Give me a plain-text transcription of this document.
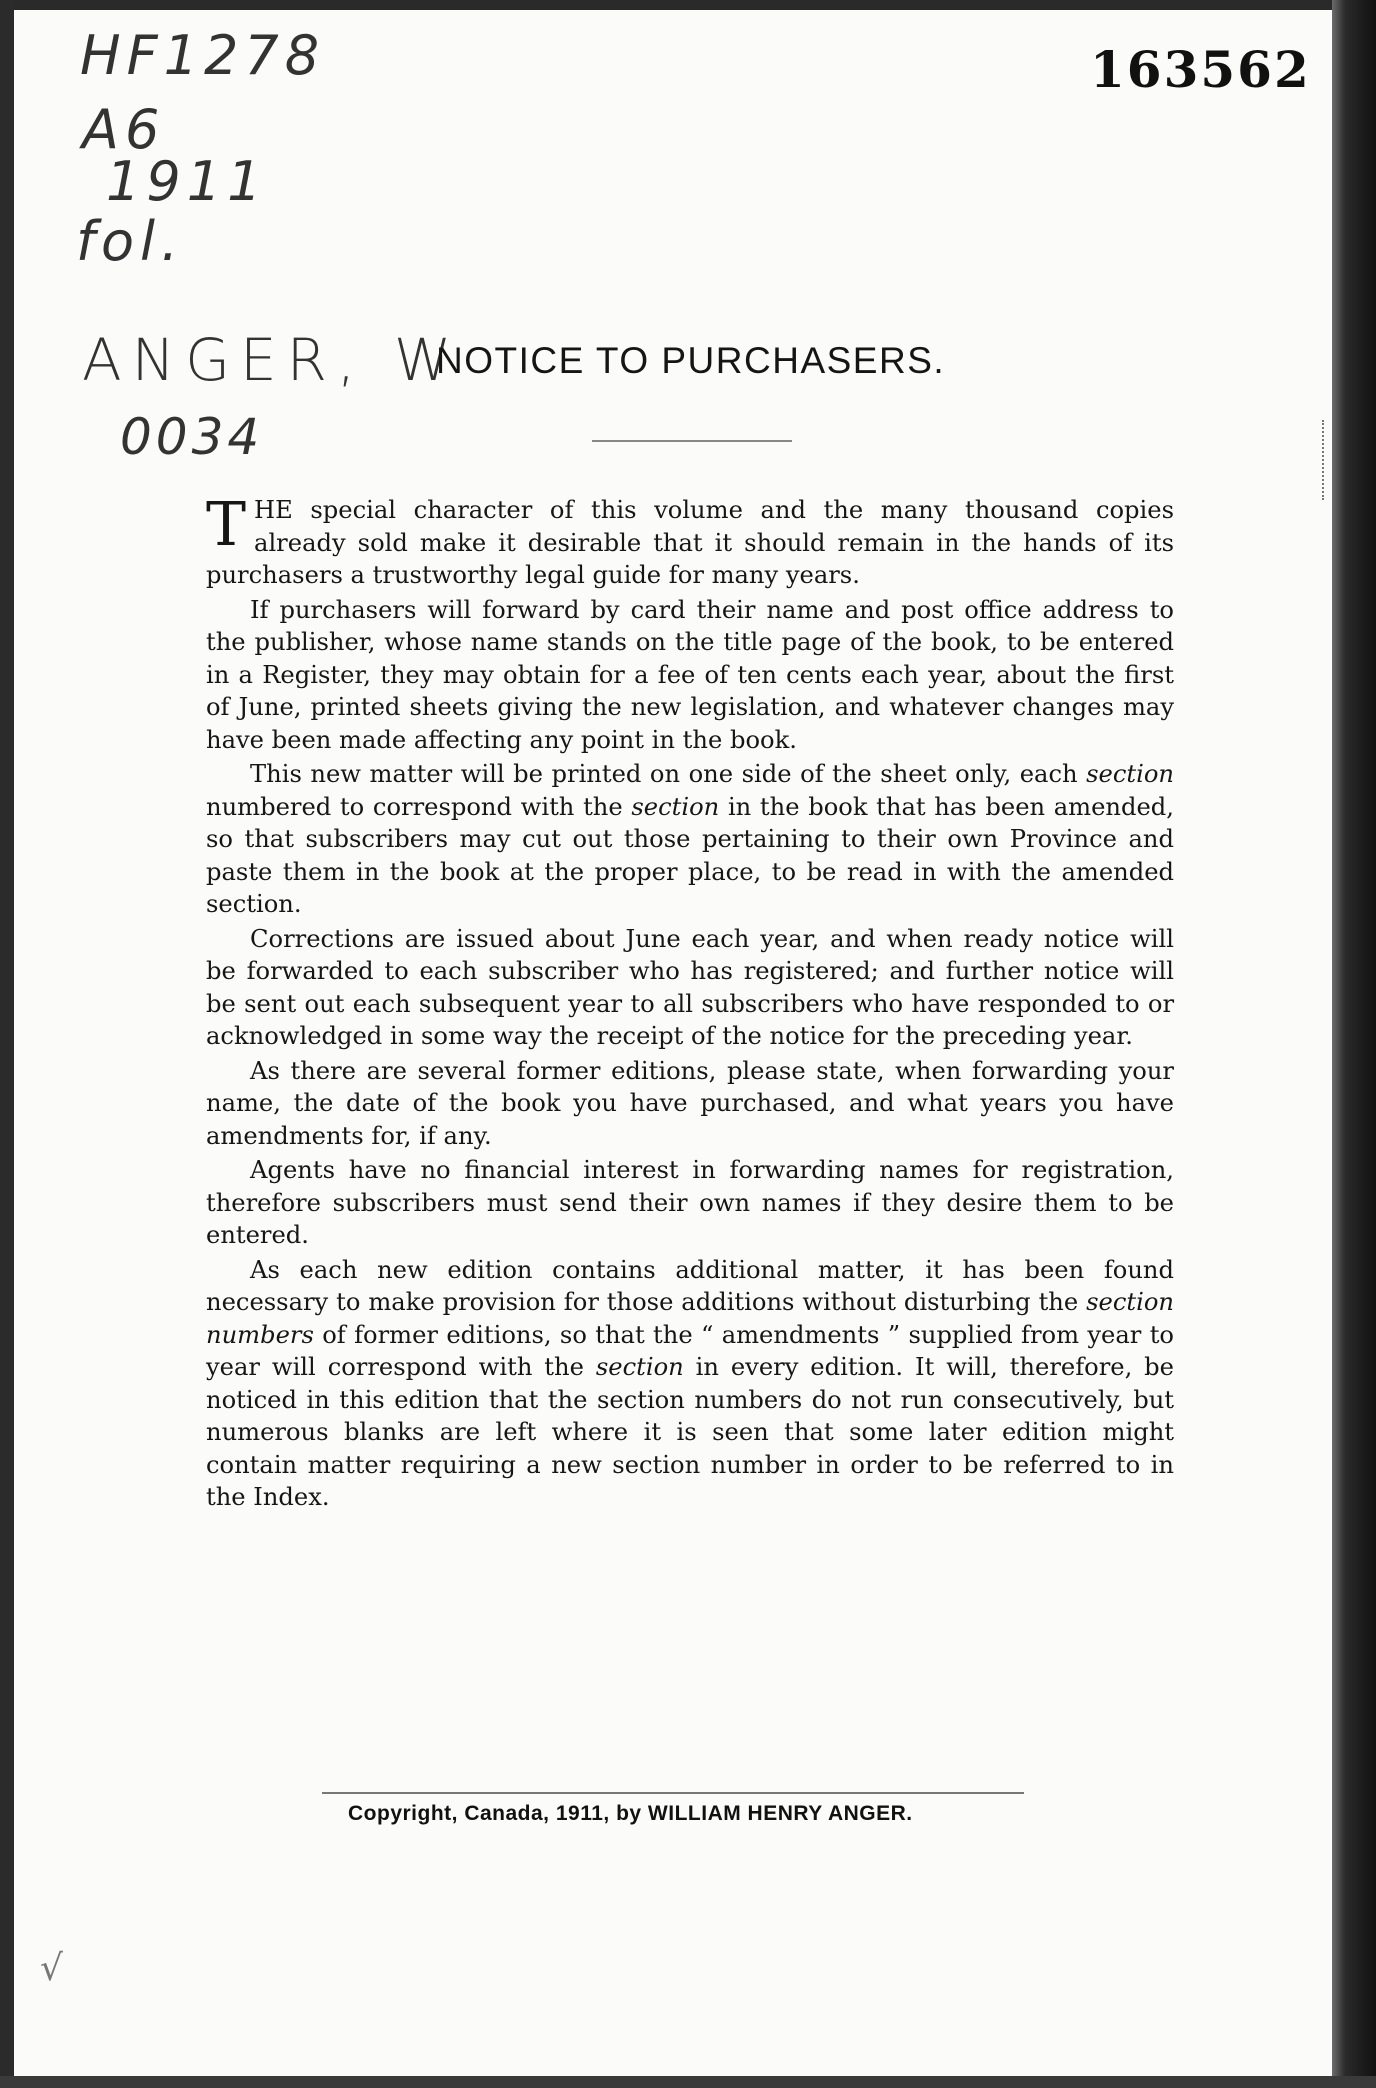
HF1278
A6
1911
fol.
ANGER, W
0034
163562
NOTICE TO PURCHASERS.

THE special character of this volume and the many thousand copies already sold make it desirable that it should remain in the hands of its purchasers a trustworthy legal guide for many years.

If purchasers will forward by card their name and post office address to the publisher, whose name stands on the title page of the book, to be entered in a Register, they may obtain for a fee of ten cents each year, about the first of June, printed sheets giving the new legislation, and whatever changes may have been made affecting any point in the book.

This new matter will be printed on one side of the sheet only, each section numbered to correspond with the section in the book that has been amended, so that subscribers may cut out those pertaining to their own Province and paste them in the book at the proper place, to be read in with the amended section.

Corrections are issued about June each year, and when ready notice will be forwarded to each subscriber who has registered; and further notice will be sent out each subsequent year to all subscribers who have responded to or acknowledged in some way the receipt of the notice for the preceding year.

As there are several former editions, please state, when forwarding your name, the date of the book you have purchased, and what years you have amendments for, if any.

Agents have no financial interest in forwarding names for registration, therefore subscribers must send their own names if they desire them to be entered.

As each new edition contains additional matter, it has been found necessary to make provision for those additions without disturbing the section numbers of former editions, so that the “ amendments ” supplied from year to year will correspond with the section in every edition. It will, therefore, be noticed in this edition that the section numbers do not run consecutively, but numerous blanks are left where it is seen that some later edition might contain matter requiring a new section number in order to be referred to in the Index.

Copyright, Canada, 1911, by WILLIAM HENRY ANGER.
√
